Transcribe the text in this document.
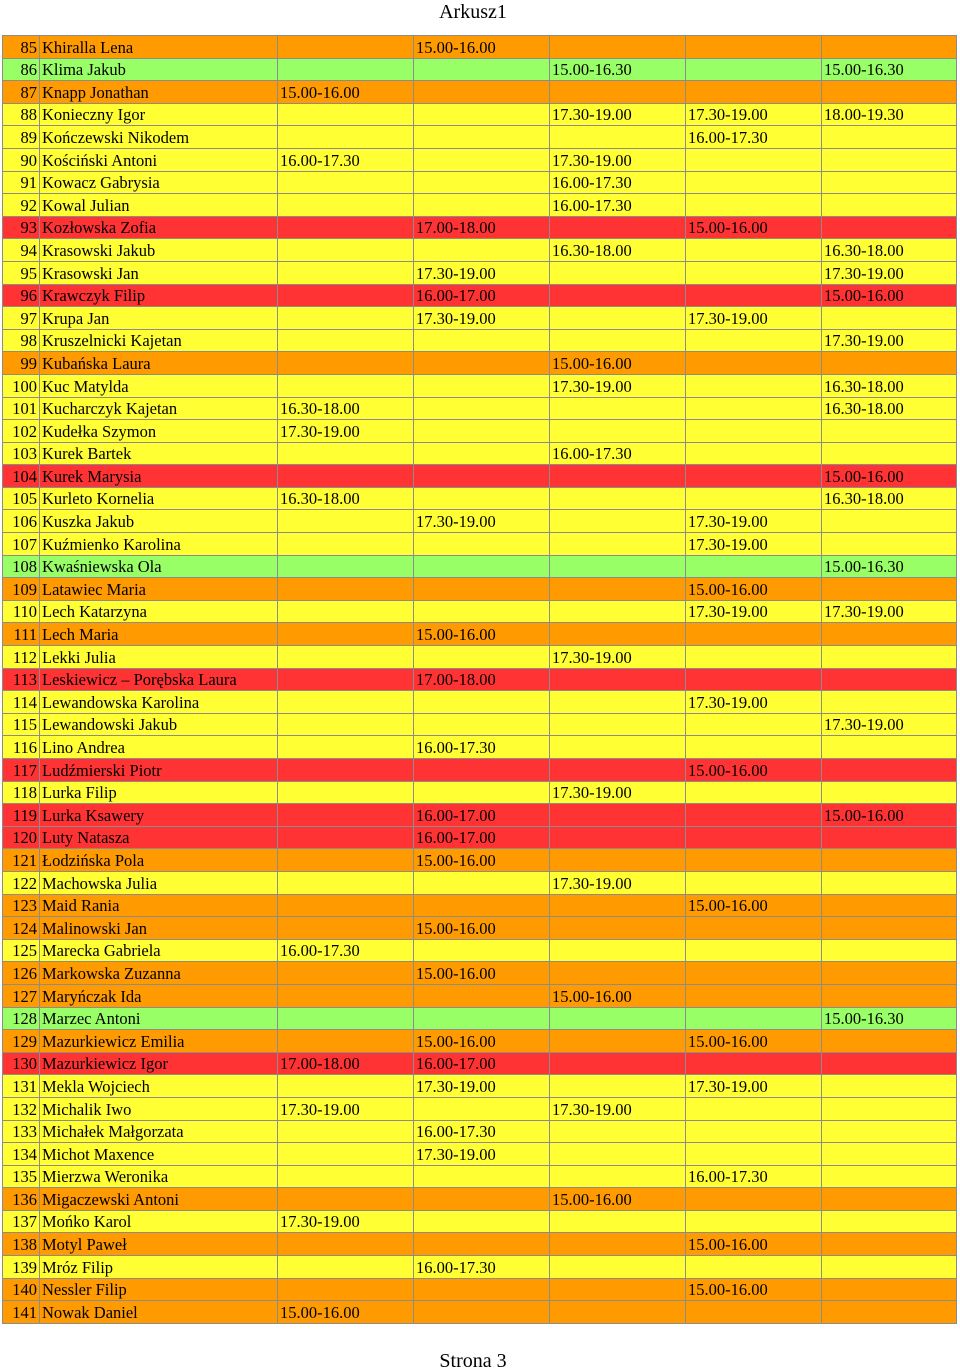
Arkusz1
85	Khiralla Lena		15.00-16.00			
86	Klima Jakub			15.00-16.30		15.00-16.30
87	Knapp Jonathan	15.00-16.00				
88	Konieczny Igor			17.30-19.00	17.30-19.00	18.00-19.30
89	Kończewski Nikodem				16.00-17.30	
90	Kościński Antoni	16.00-17.30		17.30-19.00		
91	Kowacz Gabrysia			16.00-17.30		
92	Kowal Julian			16.00-17.30		
93	Kozłowska Zofia		17.00-18.00		15.00-16.00	
94	Krasowski Jakub			16.30-18.00		16.30-18.00
95	Krasowski Jan		17.30-19.00			17.30-19.00
96	Krawczyk Filip		16.00-17.00			15.00-16.00
97	Krupa Jan		17.30-19.00		17.30-19.00	
98	Kruszelnicki Kajetan					17.30-19.00
99	Kubańska Laura			15.00-16.00		
100	Kuc Matylda			17.30-19.00		16.30-18.00
101	Kucharczyk Kajetan	16.30-18.00				16.30-18.00
102	Kudełka Szymon	17.30-19.00				
103	Kurek Bartek			16.00-17.30		
104	Kurek Marysia					15.00-16.00
105	Kurleto Kornelia	16.30-18.00				16.30-18.00
106	Kuszka Jakub		17.30-19.00		17.30-19.00	
107	Kuźmienko Karolina				17.30-19.00	
108	Kwaśniewska Ola					15.00-16.30
109	Latawiec Maria				15.00-16.00	
110	Lech Katarzyna				17.30-19.00	17.30-19.00
111	Lech Maria		15.00-16.00			
112	Lekki Julia			17.30-19.00		
113	Leskiewicz – Porębska Laura		17.00-18.00			
114	Lewandowska Karolina				17.30-19.00	
115	Lewandowski Jakub					17.30-19.00
116	Lino Andrea		16.00-17.30			
117	Ludźmierski Piotr				15.00-16.00	
118	Lurka Filip			17.30-19.00		
119	Lurka Ksawery		16.00-17.00			15.00-16.00
120	Luty Natasza		16.00-17.00			
121	Łodzińska Pola		15.00-16.00			
122	Machowska Julia			17.30-19.00		
123	Maid Rania				15.00-16.00	
124	Malinowski Jan		15.00-16.00			
125	Marecka Gabriela	16.00-17.30				
126	Markowska Zuzanna		15.00-16.00			
127	Maryńczak Ida			15.00-16.00		
128	Marzec Antoni					15.00-16.30
129	Mazurkiewicz Emilia		15.00-16.00		15.00-16.00	
130	Mazurkiewicz Igor	17.00-18.00	16.00-17.00			
131	Mekla Wojciech		17.30-19.00		17.30-19.00	
132	Michalik Iwo	17.30-19.00		17.30-19.00		
133	Michałek Małgorzata		16.00-17.30			
134	Michot Maxence		17.30-19.00			
135	Mierzwa Weronika				16.00-17.30	
136	Migaczewski Antoni			15.00-16.00		
137	Mońko Karol	17.30-19.00				
138	Motyl Paweł				15.00-16.00	
139	Mróz Filip		16.00-17.30			
140	Nessler Filip				15.00-16.00	
141	Nowak Daniel	15.00-16.00				
Strona 3
